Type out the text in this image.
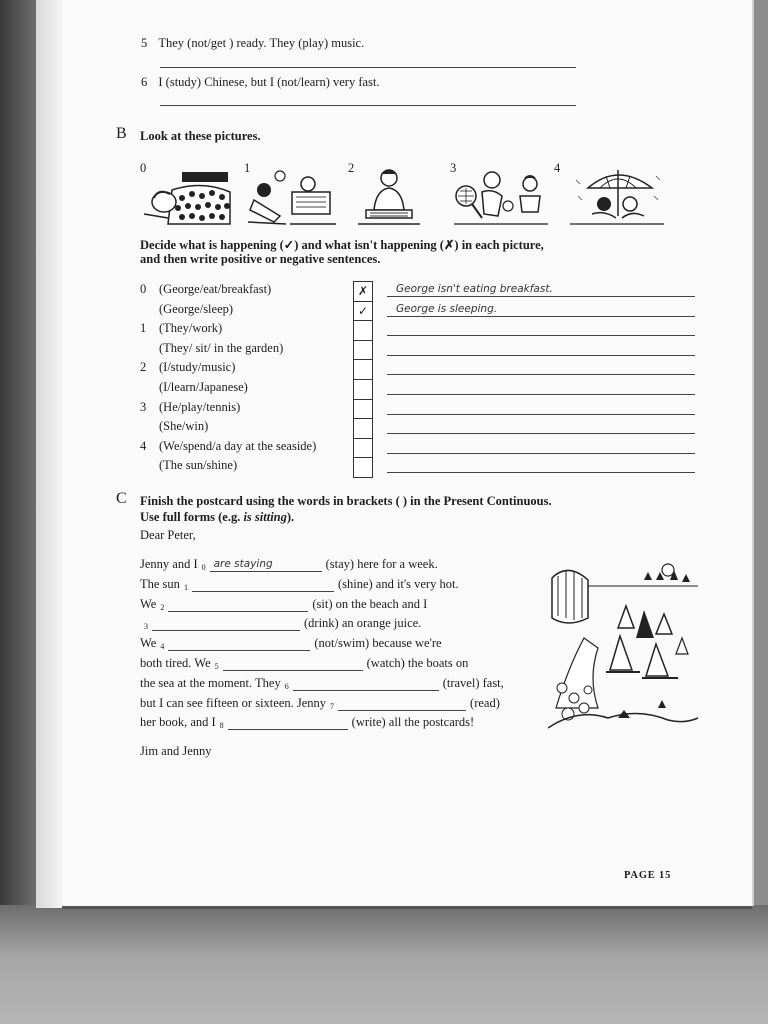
5 They (not/get ) ready. They (play) music.
6 I (study) Chinese, but I (not/learn) very fast.
B Look at these pictures.
0	1	2	3	4
Decide what is happening (✓) and what isn't happening (✗) in each picture,
and then write positive or negative sentences.
0 (George/eat/breakfast)	✗	George isn't eating breakfast.
(George/sleep)	✓	George is sleeping.
1 (They/work)
(They/ sit/ in the garden)
2 (I/study/music)
(I/learn/Japanese)
3 (He/play/tennis)
(She/win)
4 (We/spend/a day at the seaside)
(The sun/shine)
C Finish the postcard using the words in brackets ( ) in the Present Continuous.
Use full forms (e.g. is sitting).
Dear Peter,
Jenny and I 0 are staying	(stay) here for a week.
The sun 1	(shine) and it's very hot.
We 2	(sit) on the beach and I
3	(drink) an orange juice.
We 4	(not/swim) because we're
both tired. We 5	(watch) the boats on
the sea at the moment. They 6	(travel) fast,
but I can see fifteen or sixteen. Jenny 7	(read)
her book, and I 8	(write) all the postcards!
Jim and Jenny
PAGE 15
